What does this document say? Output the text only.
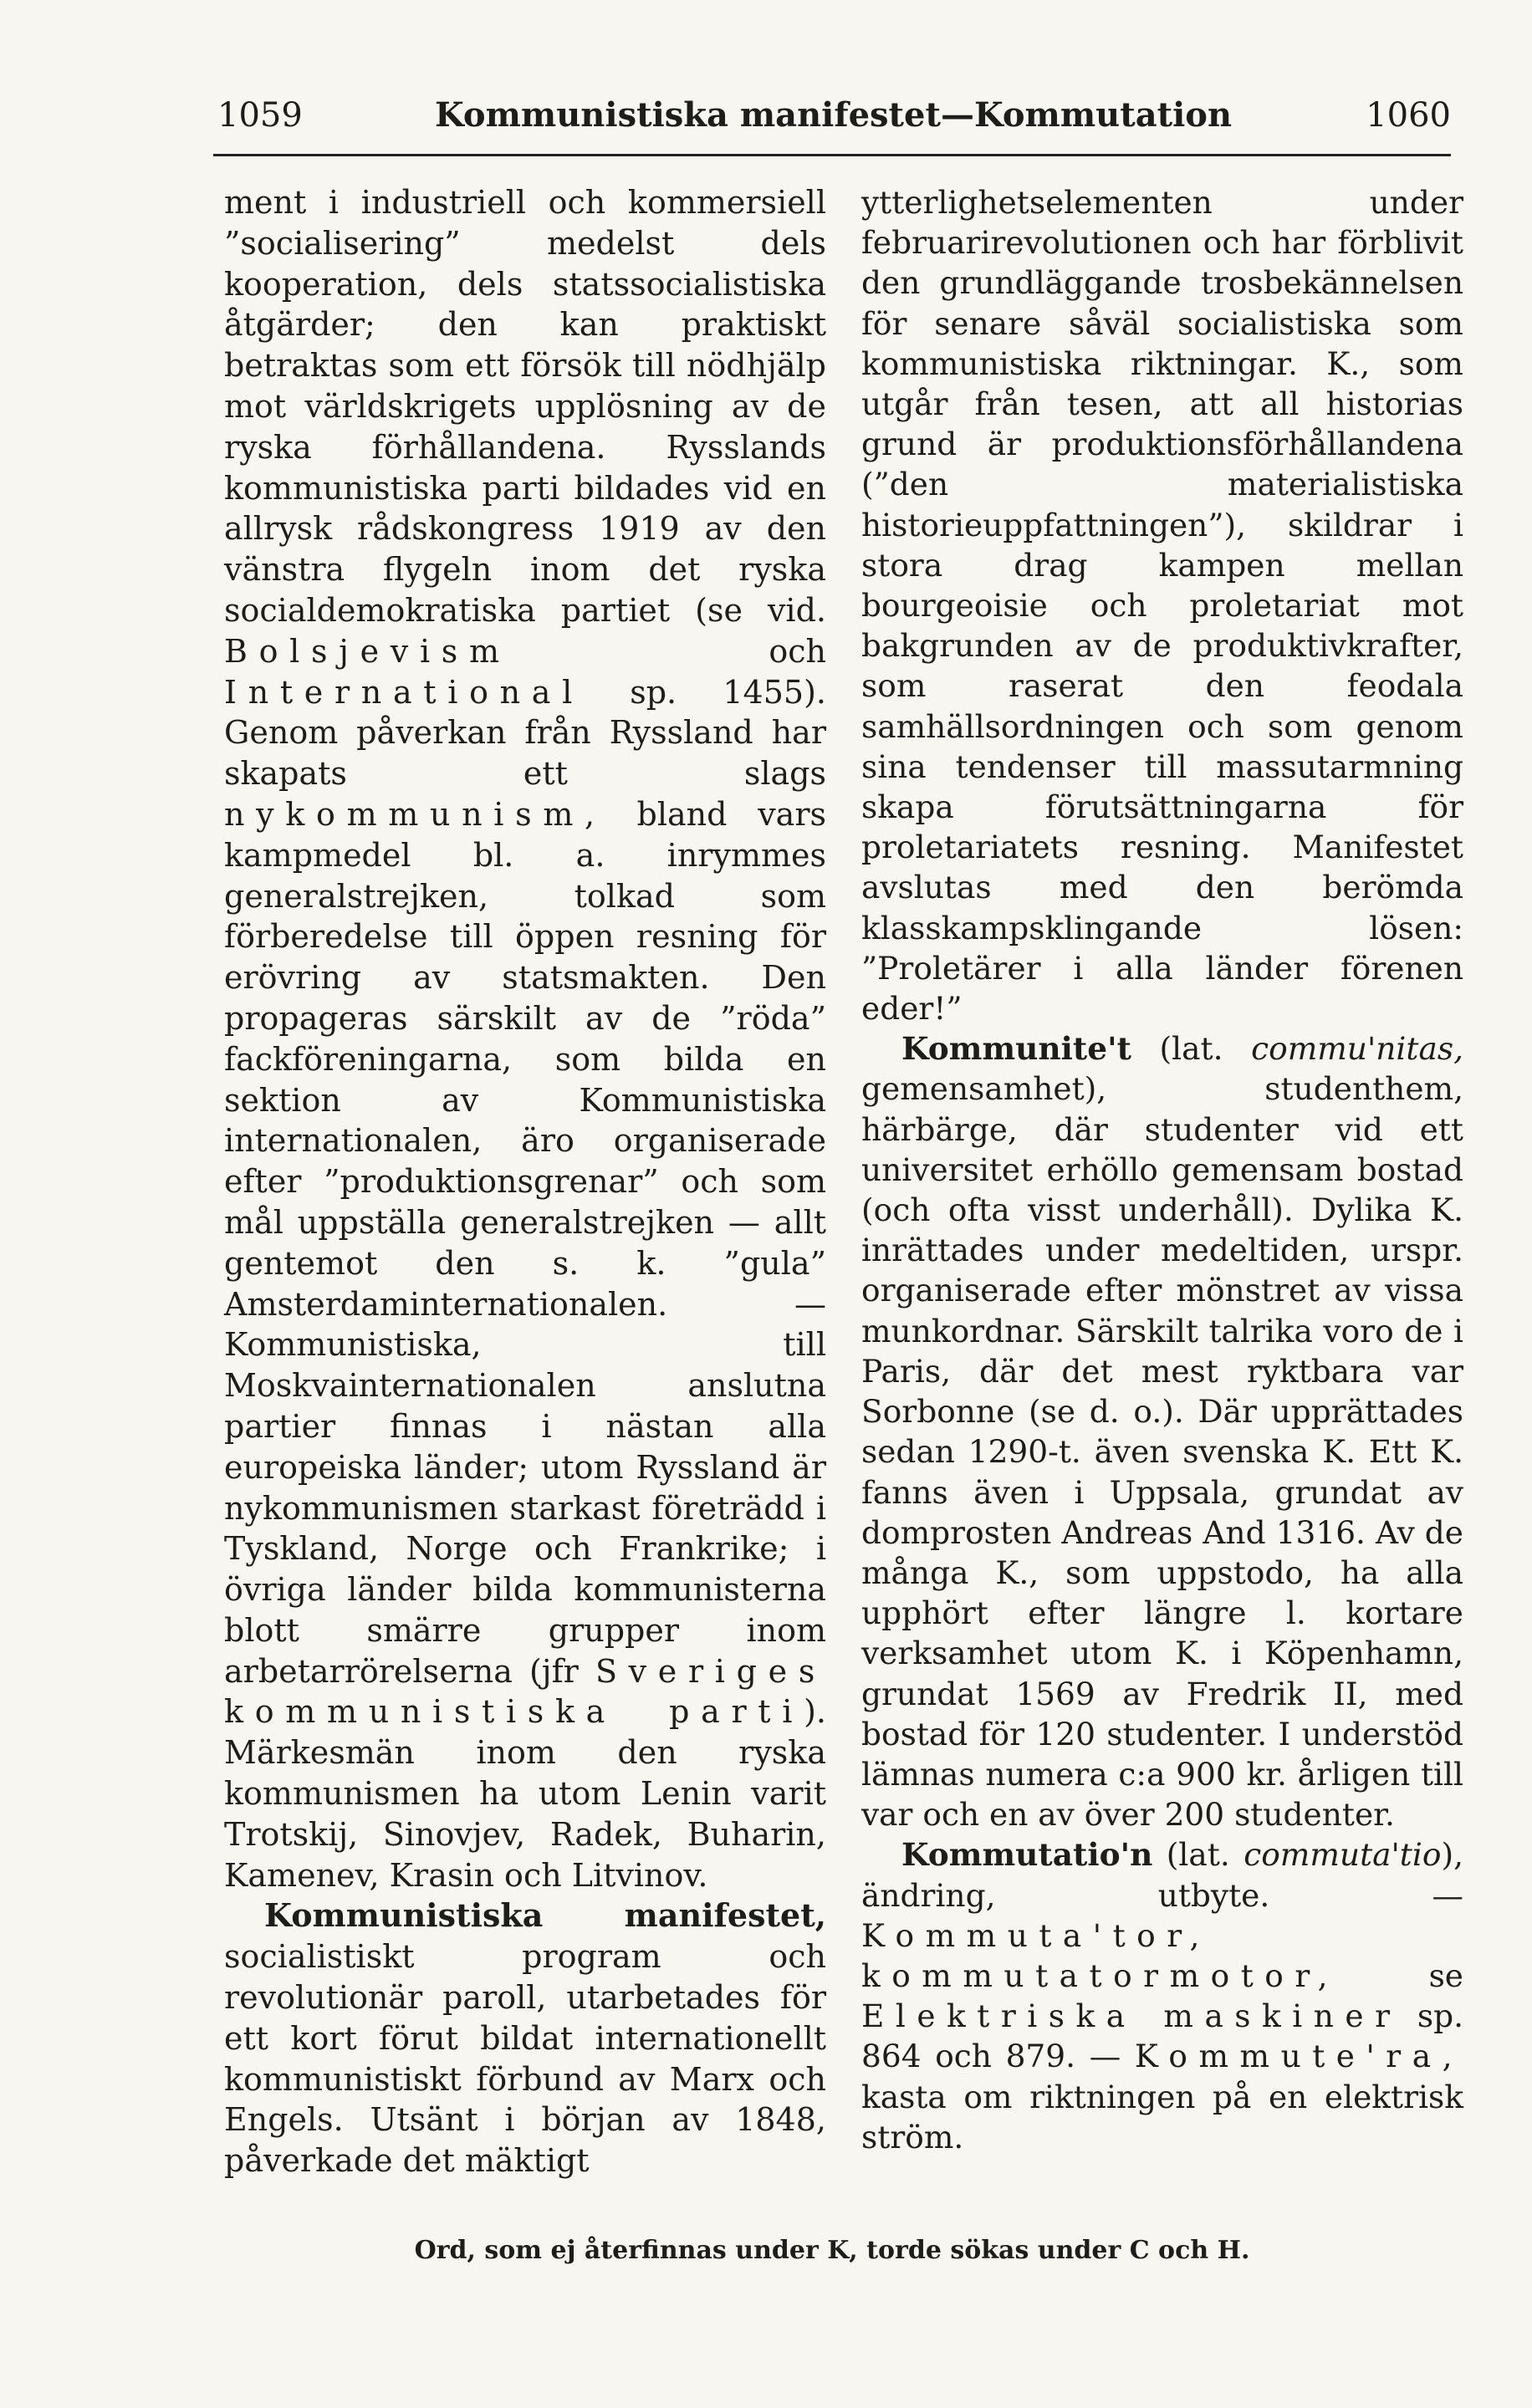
1059	Kommunistiska manifestet—Kommutation	1060

ment i industriell och kommersiell ”socialisering” medelst dels kooperation, dels statssocialistiska åtgärder; den kan praktiskt betraktas som ett försök till nödhjälp mot världskrigets upplösning av de ryska förhållandena. Rysslands kommunistiska parti bildades vid en allrysk rådskongress 1919 av den vänstra flygeln inom det ryska socialdemokratiska partiet (se vid. Bolsjevism	och International sp. 1455). Genom påverkan från Ryssland har skapats ett slags nykommunism, bland vars kampmedel bl. a. inrymmes generalstrejken, tolkad som förberedelse till öppen resning för erövring av statsmakten. Den propageras särskilt av de ”röda” fackföreningarna, som bilda en sektion av Kommunistiska internationalen, äro organiserade efter ”produktionsgrenar” och som mål uppställa generalstrejken — allt gentemot den s. k. ”gula” Amsterdaminternationalen. — Kommunistiska, till Moskvainternationalen anslutna partier finnas i nästan alla europeiska länder; utom Ryssland är nykommunismen starkast företrädd i Tyskland, Norge och Frankrike; i övriga länder bilda kommunisterna blott smärre grupper inom arbetarrörelserna (jfr Sveriges kommunistiska parti). Märkesmän inom den ryska kommunismen ha utom Lenin varit Trotskij, Sinovjev, Radek, Buharin, Kamenev, Krasin och Litvinov.

Kommunistiska manifestet, socialistiskt program och revolutionär paroll, utarbetades för ett kort förut bildat internationellt kommunistiskt förbund av Marx och Engels. Utsänt i början av 1848, påverkade det mäktigt

ytterlighetselementen under februarirevolutionen och har förblivit den grundläggande trosbekännelsen för senare såväl socialistiska som kommunistiska riktningar. K., som utgår från tesen, att all historias grund är produktionsförhållandena (”den materialistiska historieuppfattningen”), skildrar i stora drag kampen mellan bourgeoisie och proletariat mot bakgrunden av de produktivkrafter, som raserat den feodala samhällsordningen och som genom sina tendenser till massutarmning skapa förutsättningarna för proletariatets resning. Manifestet avslutas med den berömda klasskampsklingande lösen: ”Proletärer i alla länder förenen eder!”

Kommunite't (lat. commu'nitas, gemensamhet), studenthem, härbärge, där studenter vid ett universitet erhöllo gemensam bostad (och ofta visst underhåll). Dylika K. inrättades under medeltiden, urspr. organiserade efter mönstret av vissa munkordnar. Särskilt talrika voro de i Paris, där det mest ryktbara var Sorbonne (se d. o.). Där upprättades sedan 1290-t. även svenska K. Ett K. fanns även i Uppsala, grundat av domprosten Andreas And 1316. Av de många K., som uppstodo, ha alla upphört efter längre l. kortare verksamhet utom K. i Köpenhamn, grundat 1569 av Fredrik II, med bostad för 120 studenter. I understöd lämnas numera c:a 900 kr. årligen till var och en av över 200 studenter.

Kommutatio'n (lat. commuta'tio), ändring, utbyte. — Kommuta'tor, kommutatormotor,	se Elektriska maskiner sp. 864 och 879. — Kommute'ra, kasta om riktningen på en elektrisk ström.

Ord, som ej återfinnas under K, torde sökas under C och H.
